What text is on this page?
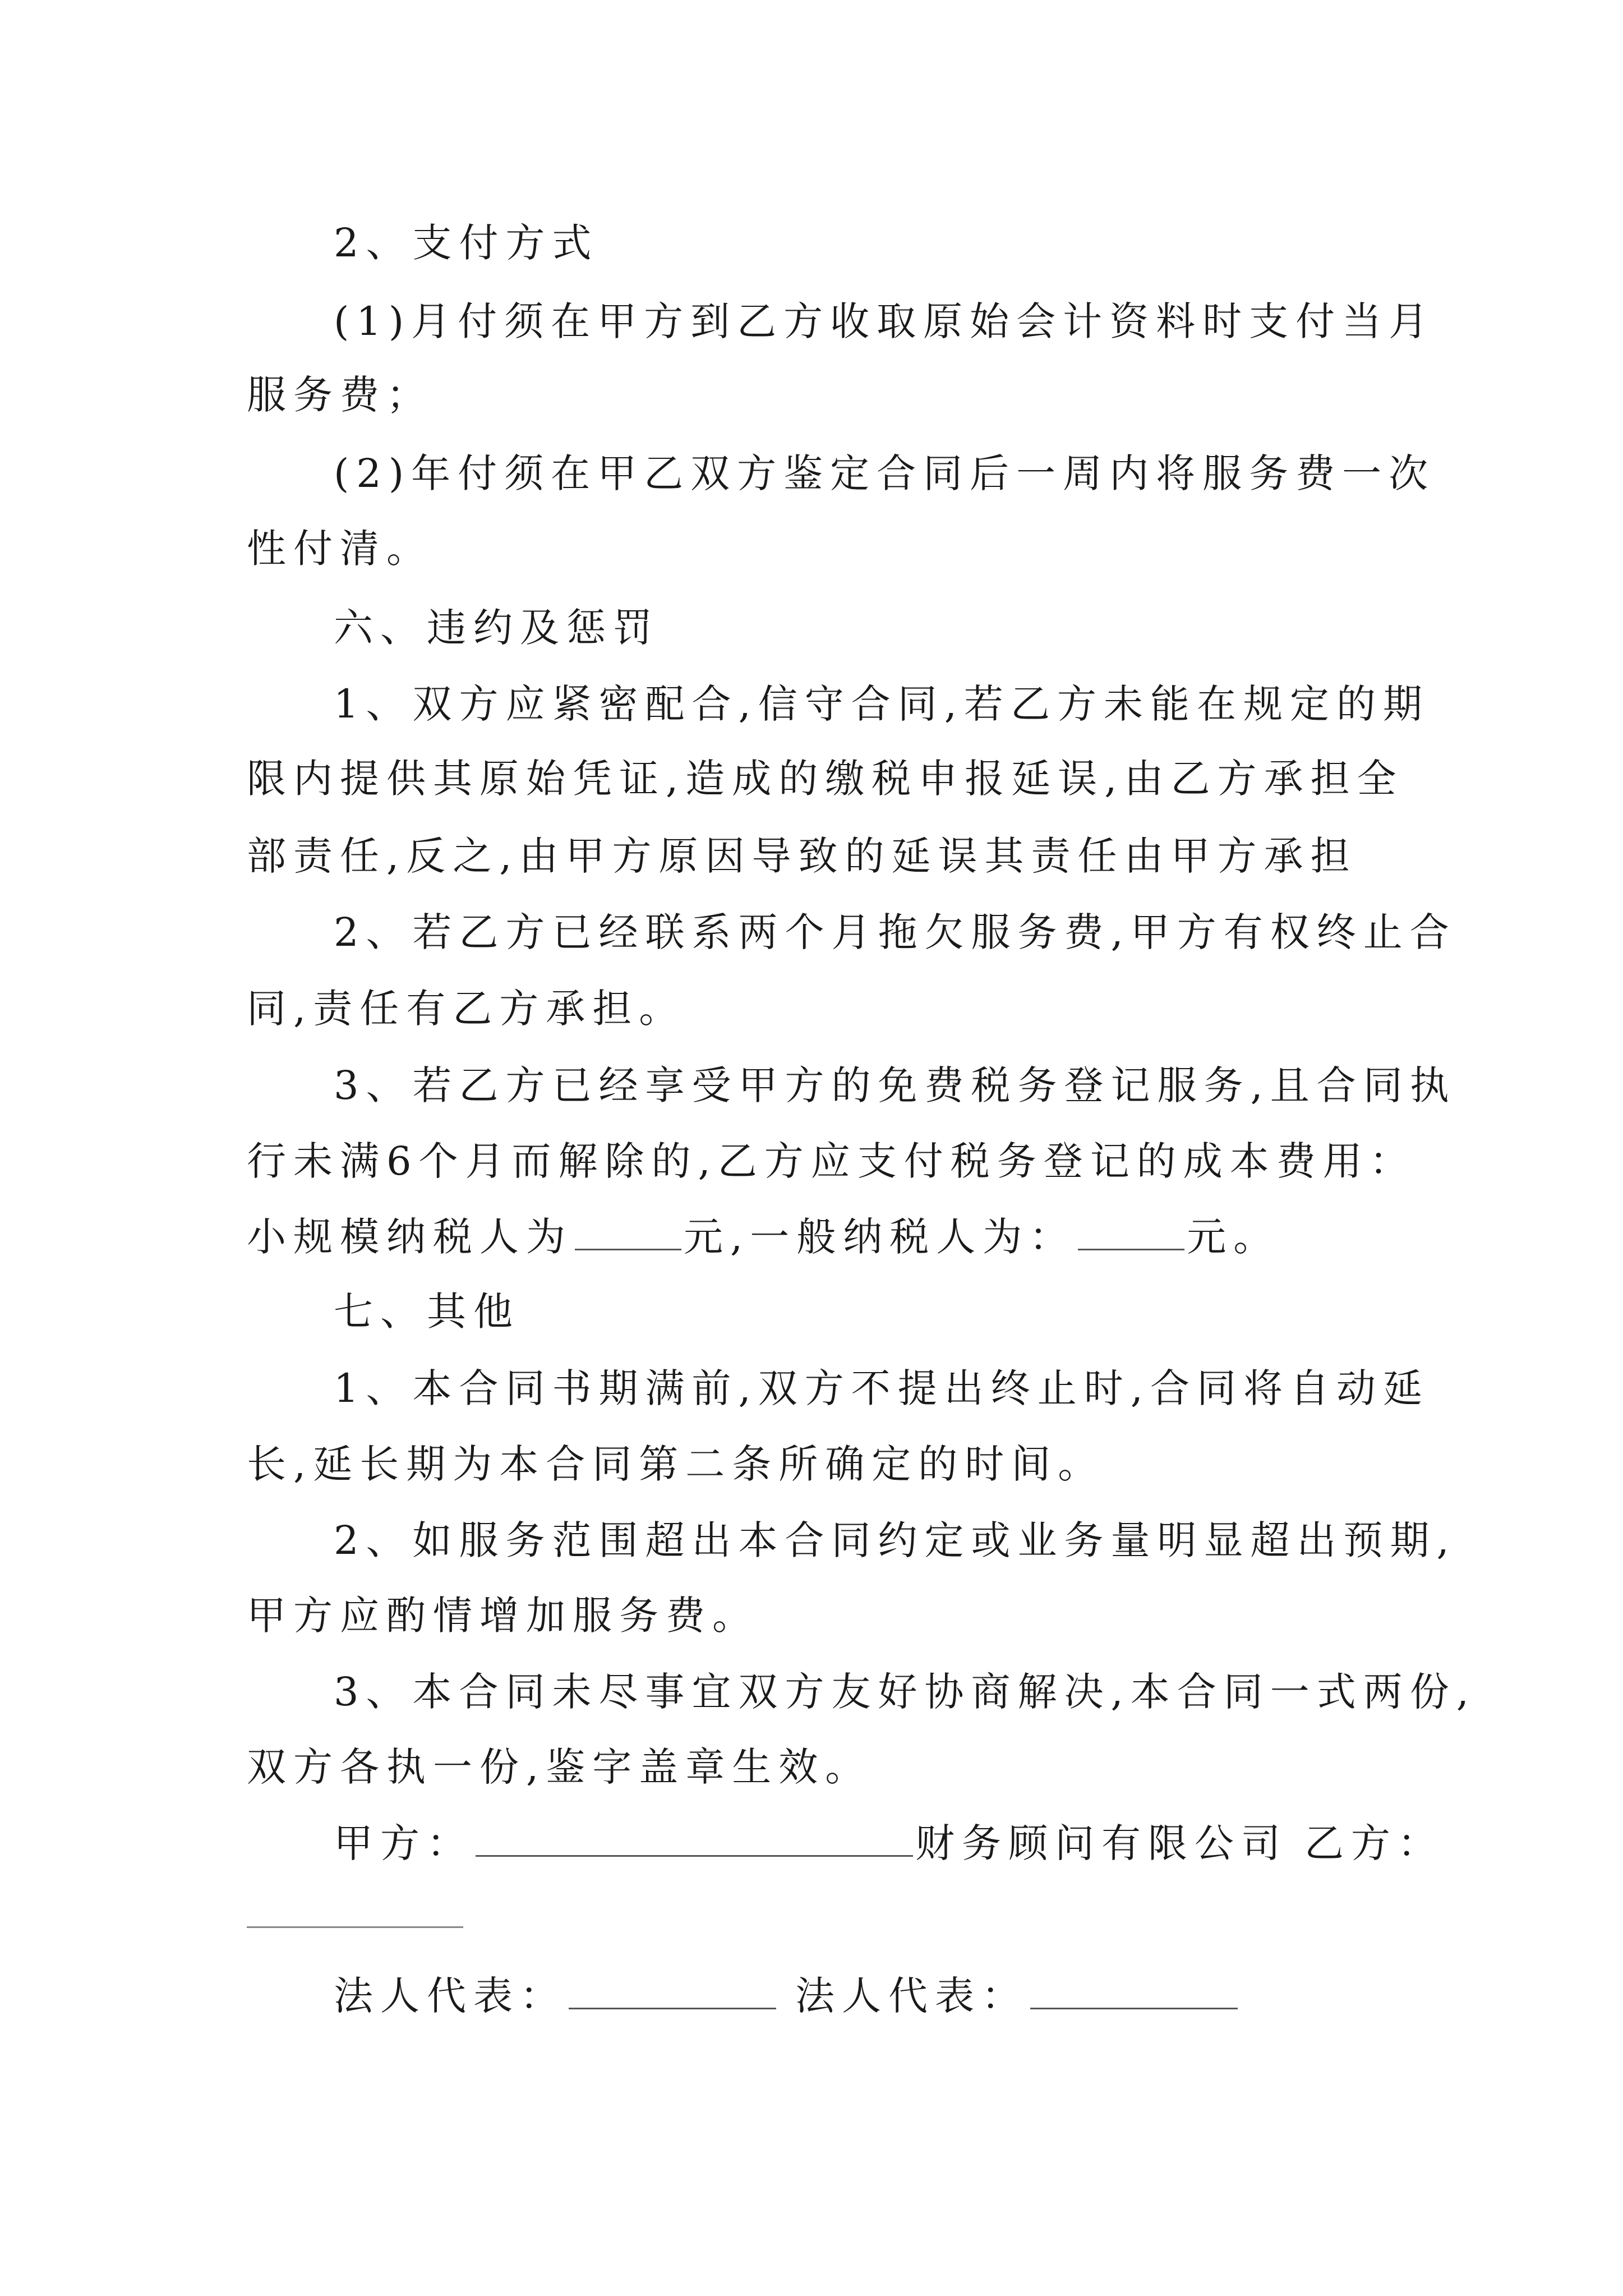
2、支付方式
(1)月付须在甲方到乙方收取原始会计资料时支付当月
服务费；
(2)年付须在甲乙双方鉴定合同后一周内将服务费一次
性付清。
六、违约及惩罚
1、双方应紧密配合,信守合同,若乙方未能在规定的期
限内提供其原始凭证,造成的缴税申报延误,由乙方承担全
部责任,反之,由甲方原因导致的延误其责任由甲方承担
2、若乙方已经联系两个月拖欠服务费,甲方有权终止合
同,责任有乙方承担。
3、若乙方已经享受甲方的免费税务登记服务,且合同执
行未满6个月而解除的,乙方应支付税务登记的成本费用：
小规模纳税人为	元,一般纳税人为：	元。
七、其他
1、本合同书期满前,双方不提出终止时,合同将自动延
长,延长期为本合同第二条所确定的时间。
2、如服务范围超出本合同约定或业务量明显超出预期,
甲方应酌情增加服务费。
3、本合同未尽事宜双方友好协商解决,本合同一式两份,
双方各执一份,鉴字盖章生效。
甲方：	财务顾问有限公司 乙方：
法人代表：	法人代表：
